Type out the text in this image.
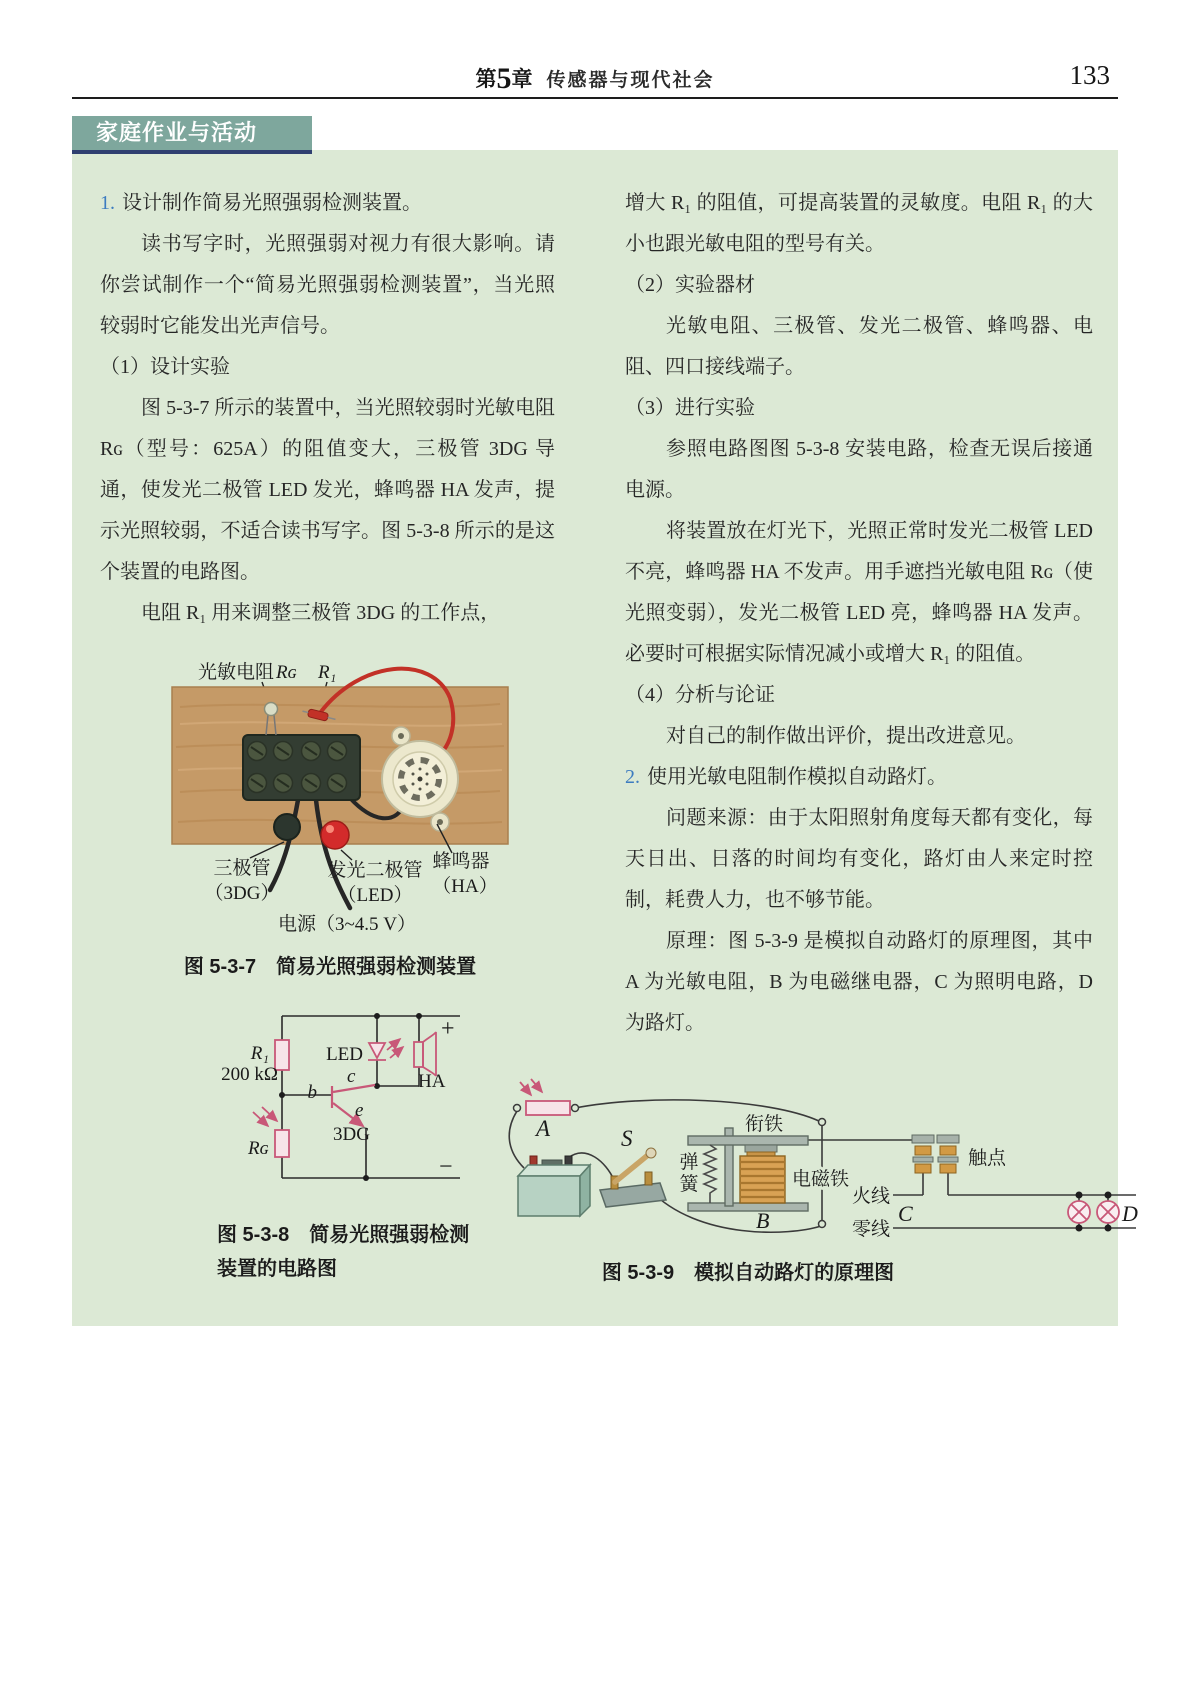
第5章 传感器与现代社会	133
家庭作业与活动

1. 设计制作简易光照强弱检测装置。

读书写字时，光照强弱对视力有很大影响。请你尝试制作一个“简易光照强弱检测装置”，当光照较弱时它能发出光声信号。

（1）设计实验

图 5-3-7 所示的装置中，当光照较弱时光敏电阻 Rɢ（型号：625A）的阻值变大，三极管 3DG 导通，使发光二极管 LED 发光，蜂鸣器 HA 发声，提示光照较弱，不适合读书写字。图 5-3-8 所示的是这个装置的电路图。

电阻 R₁ 用来调整三极管 3DG 的工作点，

增大 R₁ 的阻值，可提高装置的灵敏度。电阻 R₁ 的大小也跟光敏电阻的型号有关。

（2）实验器材

光敏电阻、三极管、发光二极管、蜂鸣器、电阻、四口接线端子。

（3）进行实验

参照电路图图 5-3-8 安装电路，检查无误后接通电源。

将装置放在灯光下，光照正常时发光二极管 LED 不亮，蜂鸣器 HA 不发声。用手遮挡光敏电阻 Rɢ（使光照变弱），发光二极管 LED 亮，蜂鸣器 HA 发声。必要时可根据实际情况减小或增大 R₁ 的阻值。

（4）分析与论证

对自己的制作做出评价，提出改进意见。

2. 使用光敏电阻制作模拟自动路灯。

问题来源：由于太阳照射角度每天都有变化，每天日出、日落的时间均有变化，路灯由人来定时控制，耗费人力，也不够节能。

原理：图 5-3-9 是模拟自动路灯的原理图，其中 A 为光敏电阻，B 为电磁继电器，C 为照明电路，D 为路灯。

光敏电阻 Rɢ R₁
三极管
（3DG）
发光二极管
（LED）
蜂鸣器
（HA）
电源（3~4.5 V）
图 5-3-7　简易光照强弱检测装置
R₁
200 kΩ
LED
HA
+
−
b
c
e
3DG
Rɢ
图 5-3-8　简易光照强弱检测
装置的电路图
A	S
弹
簧
衔铁
电磁铁
B
触点
火线
C
零线
D
图 5-3-9　模拟自动路灯的原理图
